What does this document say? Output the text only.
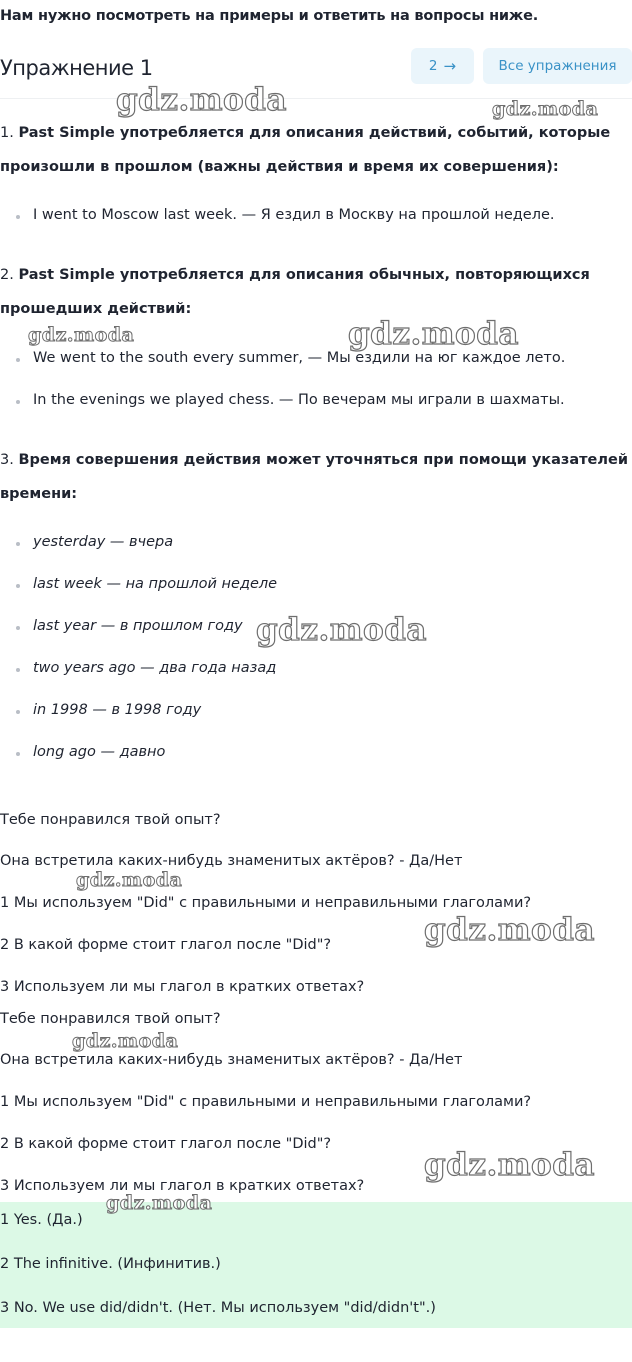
Нам нужно посмотреть на примеры и ответить на вопросы ниже.
Упражнение 1	2 →	Все упражнения
1. Past Simple употребляется для описания действий, событий, которые
произошли в прошлом (важны действия и время их совершения):
I went to Moscow last week. — Я ездил в Москву на прошлой неделе.
2. Past Simple употребляется для описания обычных, повторяющихся
прошедших действий:
We went to the south every summer, — Мы ездили на юг каждое лето.
In the evenings we played chess. — По вечерам мы играли в шахматы.
3. Время совершения действия может уточняться при помощи указателей
времени:
yesterday — вчера
last week — на прошлой неделе
last year — в прошлом году
two years ago — два года назад
in 1998 — в 1998 году
long ago — давно
Тебе понравился твой опыт?
Она встретила каких-нибудь знаменитых актёров? - Да/Нет
1 Мы используем "Did" с правильными и неправильными глаголами?
2 В какой форме стоит глагол после "Did"?
3 Используем ли мы глагол в кратких ответах?
Тебе понравился твой опыт?
Она встретила каких-нибудь знаменитых актёров? - Да/Нет
1 Мы используем "Did" с правильными и неправильными глаголами?
2 В какой форме стоит глагол после "Did"?
3 Используем ли мы глагол в кратких ответах?
1 Yes. (Да.)
2 The infinitive. (Инфинитив.)
3 No. We use did/didn't. (Нет. Мы используем "did/didn't".)
gdz.moda	gdz.moda
gdz.moda	gdz.moda
gdz.moda
gdz.moda
gdz.moda
gdz.moda
gdz.moda
gdz.moda
